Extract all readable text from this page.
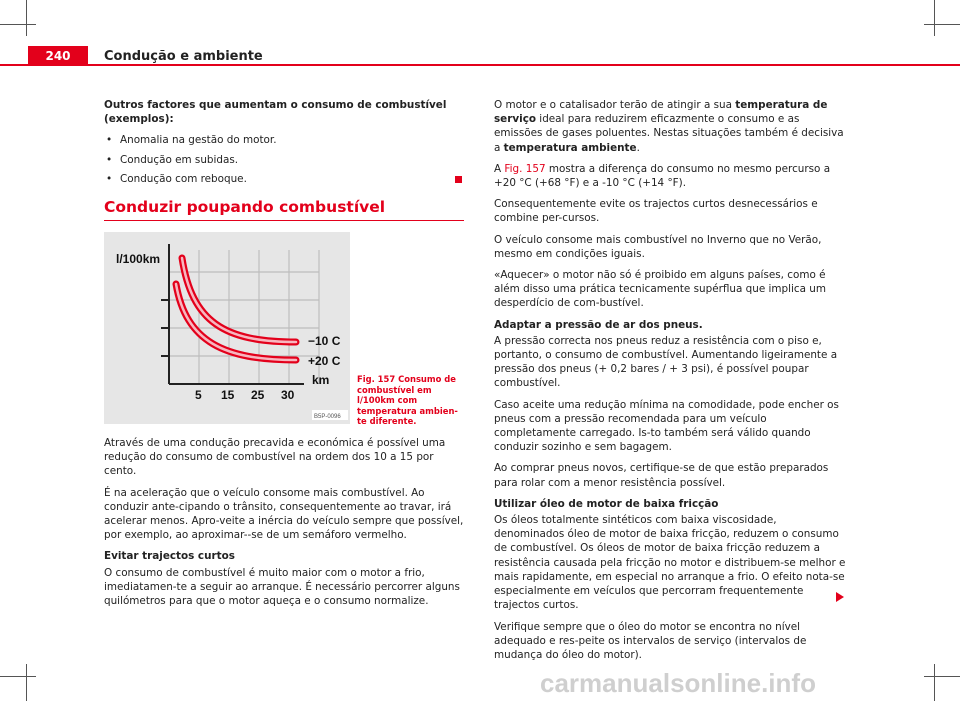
240	Condução e ambiente

Outros factores que aumentam o consumo de combustível (exemplos):

• Anomalia na gestão do motor.
• Condução em subidas.
• Condução com reboque.
Conduzir poupando combustível
l/100km
−10 C
+20 C
km
5 15 25 30
B5P-0096
Fig. 157 Consumo de combustível em l/100km com temperatura ambien-te diferente.

Através de uma condução precavida e económica é possível uma redução do consumo de combustível na ordem dos 10 a 15 por cento.

É na aceleração que o veículo consome mais combustível. Ao conduzir ante-cipando o trânsito, consequentemente ao travar, irá acelerar menos. Apro-veite a inércia do veículo sempre que possível, por exemplo, ao aproximar--se de um semáforo vermelho.

Evitar trajectos curtos

O consumo de combustível é muito maior com o motor a frio, imediatamen-te a seguir ao arranque. É necessário percorrer alguns quilómetros para que o motor aqueça e o consumo normalize.

O motor e o catalisador terão de atingir a sua temperatura de serviço ideal para reduzirem eficazmente o consumo e as emissões de gases poluentes. Nestas situações também é decisiva a temperatura ambiente.

A Fig. 157 mostra a diferença do consumo no mesmo percurso a +20 °C (+68 °F) e a -10 °C (+14 °F).

Consequentemente evite os trajectos curtos desnecessários e combine per-cursos.

O veículo consome mais combustível no Inverno que no Verão, mesmo em condições iguais.

«Aquecer» o motor não só é proibido em alguns países, como é além disso uma prática tecnicamente supérflua que implica um desperdício de com-bustível.

Adaptar a pressão de ar dos pneus.

A pressão correcta nos pneus reduz a resistência com o piso e, portanto, o consumo de combustível. Aumentando ligeiramente a pressão dos pneus (+ 0,2 bares / + 3 psi), é possível poupar combustível.

Caso aceite uma redução mínima na comodidade, pode encher os pneus com a pressão recomendada para um veículo completamente carregado. Is-to também será válido quando conduzir sozinho e sem bagagem.

Ao comprar pneus novos, certifique-se de que estão preparados para rolar com a menor resistência possível.

Utilizar óleo de motor de baixa fricção

Os óleos totalmente sintéticos com baixa viscosidade, denominados óleo de motor de baixa fricção, reduzem o consumo de combustível. Os óleos de motor de baixa fricção reduzem a resistência causada pela fricção no motor e distribuem-se melhor e mais rapidamente, em especial no arranque a frio. O efeito nota-se especialmente em veículos que percorram frequentemente trajectos curtos.

Verifique sempre que o óleo do motor se encontra no nível adequado e res-peite os intervalos de serviço (intervalos de mudança do óleo do motor).

carmanualsonline.info
